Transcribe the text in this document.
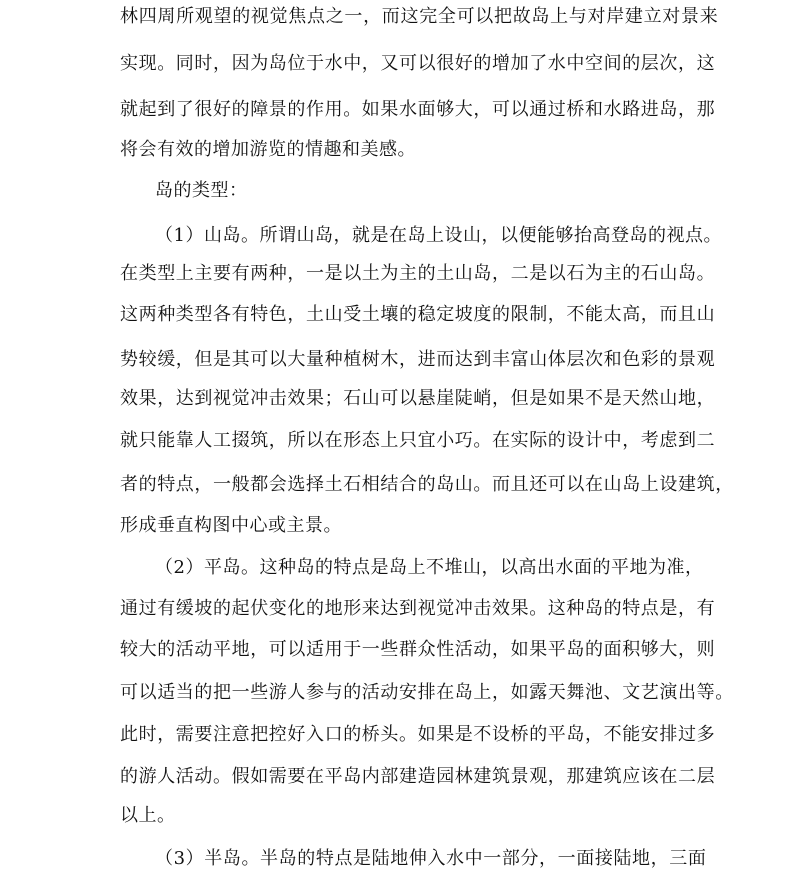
林四周所观望的视觉焦点之一，而这完全可以把故岛上与对岸建立对景来
实现。同时，因为岛位于水中，又可以很好的增加了水中空间的层次，这
就起到了很好的障景的作用。如果水面够大，可以通过桥和水路进岛，那
将会有效的增加游览的情趣和美感。
岛的类型：
（1）山岛。所谓山岛，就是在岛上设山，以便能够抬高登岛的视点。
在类型上主要有两种，一是以土为主的土山岛，二是以石为主的石山岛。
这两种类型各有特色，土山受土壤的稳定坡度的限制，不能太高，而且山
势较缓，但是其可以大量种植树木，进而达到丰富山体层次和色彩的景观
效果，达到视觉冲击效果；石山可以悬崖陡峭，但是如果不是天然山地，
就只能靠人工掇筑，所以在形态上只宜小巧。在实际的设计中，考虑到二
者的特点，一般都会选择土石相结合的岛山。而且还可以在山岛上设建筑，
形成垂直构图中心或主景。
（2）平岛。这种岛的特点是岛上不堆山，以高出水面的平地为准，
通过有缓坡的起伏变化的地形来达到视觉冲击效果。这种岛的特点是，有
较大的活动平地，可以适用于一些群众性活动，如果平岛的面积够大，则
可以适当的把一些游人参与的活动安排在岛上，如露天舞池、文艺演出等。
此时，需要注意把控好入口的桥头。如果是不设桥的平岛，不能安排过多
的游人活动。假如需要在平岛内部建造园林建筑景观，那建筑应该在二层
以上。
（3）半岛。半岛的特点是陆地伸入水中一部分，一面接陆地，三面
